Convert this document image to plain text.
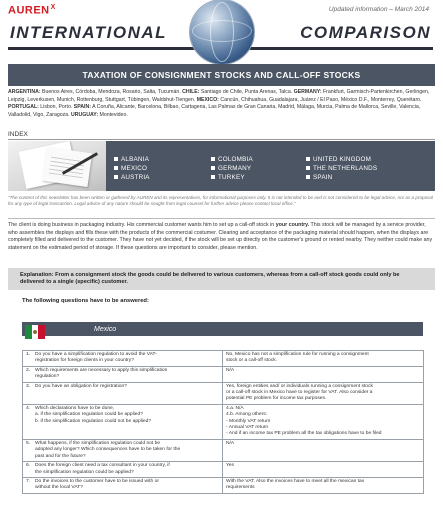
$AUREN^X$	Updated information – March 2014
INTERNATIONAL	COMPARISON
TAXATION OF CONSIGNMENT STOCKS AND CALL-OFF STOCKS
ARGENTINA: Buenos Aires, Córdoba, Mendoza, Rosario, Salta, Tucumán. CHILE: Santiago de Chile, Punta Arenas, Talca. GERMANY: Frankfurt, Garmisch-Partenkirchen, Gerlingen, Leipzig, Leverkusen, Munich, Rottenburg, Stuttgart, Tübingen, Waldshut-Tiengen. MEXICO: Cancún, Chihuahua, Guadalajara, Juárez / El Paso, México D.F., Monterrey, Querétaro. PORTUGAL: Lisbon, Porto. SPAIN: A Coruña, Alicante, Barcelona, Bilbao, Cartagena, Las Palmas de Gran Canaria, Madrid, Málaga, Murcia, Palma de Mallorca, Seville, Valencia, Valladolid, Vigo, Zaragoza. URUGUAY: Montevideo.
INDEX
ALBANIA
MEXICO
AUSTRIA
COLOMBIA
GERMANY
TURKEY
UNITED KINGDOM
THE NETHERLANDS
SPAIN
"The content of this newsletter has been written or gathered by AUREN and its representatives, for informational purposes only. It is not intended to be and is not considered to be legal advice, nor as a proposal for any type of legal transaction. Legal advice of any nature should be sought from legal counsel for further advice please contact local office."
The client is doing business in packaging industry. His commercial customer wants him to set up a call-off stock in your country. This stock will be managed by a service provider, who assembles the displays and fills these with the products of the commercial costumer. Clearing and acceptance of the packaging material should happen, when the displays are completely filled and delivered to the customer. They have not yet decided, if the stock will be set up directly on the customer's ground or rented nearby. They neither could make any statement on the estimated period of storage. If these questions are important to consider, please mention.
Explanation: From a consignment stock the goods could be delivered to various customers, whereas from a call-off stock goods could only be delivered to a single (specific) customer.
The following questions have to be answered:
Mexico
1. Do you have a simplification regulation to avoid the VAT-
registration for foreign clients in your country?	No, Mexico has not a simplification rule for running a consignment
stock or a call-off stock.

2. Which requirements are necessary to apply this simplification
regulation?	N/A

3. Do you have an obligation for registration?	Yes, foreign entities and/ or individuals running a consignment stock
or a call-off stock in Mexico have to register for VAT. Also consider a
potential PE problem for income tax purposes.

4. Which declarations have to be done,
a. if the simplification regulation could be applied?
b. if the simplification regulation could not be applied?	4.a. N/A
4.b. Among others:
- Monthly VAT return
- Annual VAT return
- And if an income tax PE problem all the tax obligations have to be filed

5. What happens, if the simplification regulation could not be
adopted any longer? Which consequences have to be taken for the
past and for the future?	N/A

6. Does the foreign client need a tax consultant in your country, if
the simplification regulation could be applied?	Yes

7. Do the invoices to the customer have to be issued with or
without the local VAT?	With the VAT. Also the invoices have to meet all the mexican tax
requirements
